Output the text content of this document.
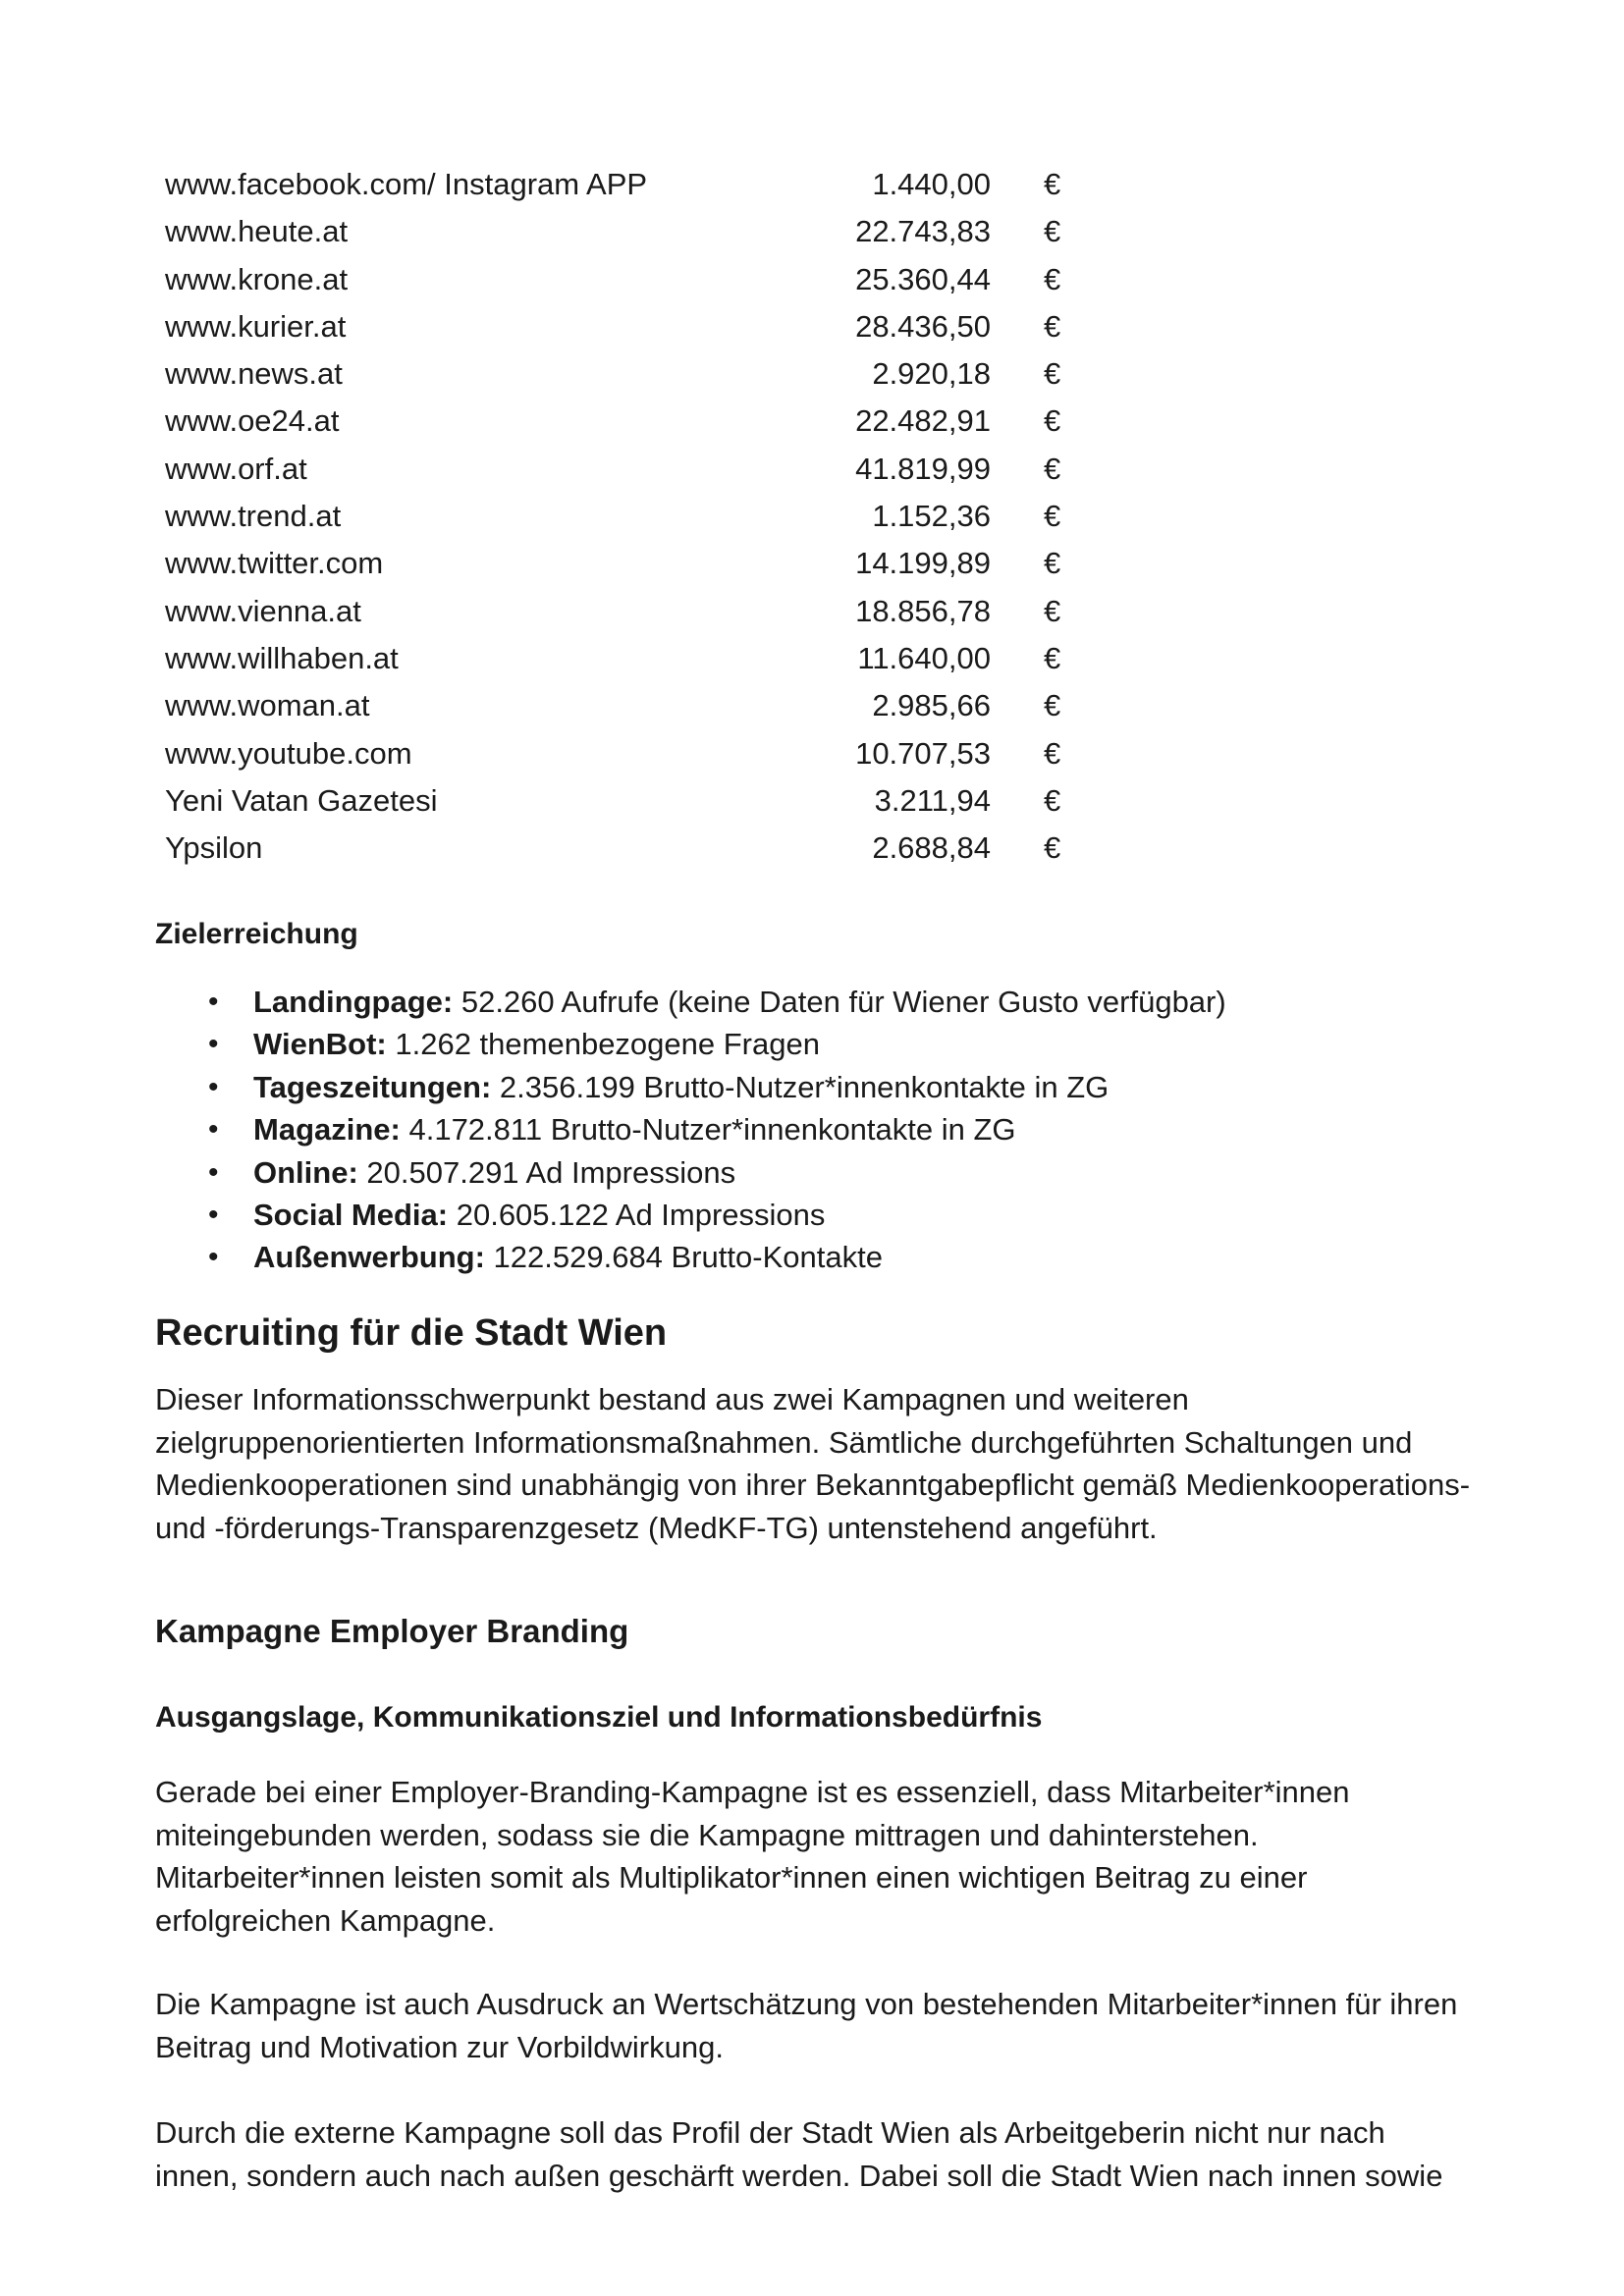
www.facebook.com/ Instagram APP	1.440,00 €
www.heute.at	22.743,83 €
www.krone.at	25.360,44 €
www.kurier.at	28.436,50 €
www.news.at	2.920,18 €
www.oe24.at	22.482,91 €
www.orf.at	41.819,99 €
www.trend.at	1.152,36 €
www.twitter.com	14.199,89 €
www.vienna.at	18.856,78 €
www.willhaben.at	11.640,00 €
www.woman.at	2.985,66 €
www.youtube.com	10.707,53 €
Yeni Vatan Gazetesi	3.211,94 €
Ypsilon	2.688,84 €
Zielerreichung
• Landingpage: 52.260 Aufrufe (keine Daten für Wiener Gusto verfügbar)
• WienBot: 1.262 themenbezogene Fragen
• Tageszeitungen: 2.356.199 Brutto-Nutzer*innenkontakte in ZG
• Magazine: 4.172.811 Brutto-Nutzer*innenkontakte in ZG
• Online: 20.507.291 Ad Impressions
• Social Media: 20.605.122 Ad Impressions
• Außenwerbung: 122.529.684 Brutto-Kontakte
Recruiting für die Stadt Wien

Dieser Informationsschwerpunkt bestand aus zwei Kampagnen und weiteren zielgruppenorientierten Informationsmaßnahmen. Sämtliche durchgeführten Schaltungen und Medienkooperationen sind unabhängig von ihrer Bekanntgabepflicht gemäß Medienkooperations- und -förderungs-Transparenzgesetz (MedKF-TG) untenstehend angeführt.

Kampagne Employer Branding
Ausgangslage, Kommunikationsziel und Informationsbedürfnis

Gerade bei einer Employer-Branding-Kampagne ist es essenziell, dass Mitarbeiter*innen miteingebunden werden, sodass sie die Kampagne mittragen und dahinterstehen. Mitarbeiter*innen leisten somit als Multiplikator*innen einen wichtigen Beitrag zu einer erfolgreichen Kampagne.

Die Kampagne ist auch Ausdruck an Wertschätzung von bestehenden Mitarbeiter*innen für ihren Beitrag und Motivation zur Vorbildwirkung.

Durch die externe Kampagne soll das Profil der Stadt Wien als Arbeitgeberin nicht nur nach innen, sondern auch nach außen geschärft werden. Dabei soll die Stadt Wien nach innen sowie
